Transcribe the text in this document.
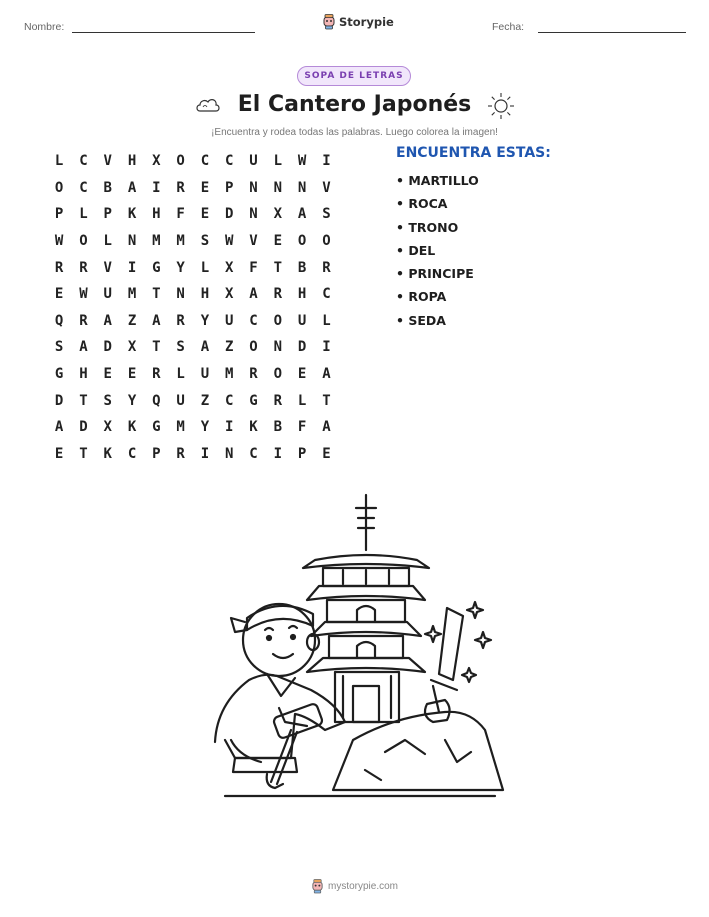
Nombre:	Storypie	Fecha:
SOPA DE LETRAS
El Cantero Japonés
¡Encuentra y rodea todas las palabras. Luego colorea la imagen!
L	C	V	H	X	O	C	C	U	L	W	I
O	C	B	A	I	R	E	P	N	N	N	V
P	L	P	K	H	F	E	D	N	X	A	S
W	O	L	N	M	M	S	W	V	E	O	O
R	R	V	I	G	Y	L	X	F	T	B	R
E	W	U	M	T	N	H	X	A	R	H	C
Q	R	A	Z	A	R	Y	U	C	O	U	L
S	A	D	X	T	S	A	Z	O	N	D	I
G	H	E	E	R	L	U	M	R	O	E	A
D	T	S	Y	Q	U	Z	C	G	R	L	T
A	D	X	K	G	M	Y	I	K	B	F	A
E	T	K	C	P	R	I	N	C	I	P	E
ENCUENTRA ESTAS:
• MARTILLO
• ROCA
• TRONO
• DEL
• PRINCIPE
• ROPA
• SEDA
mystorypie.com
